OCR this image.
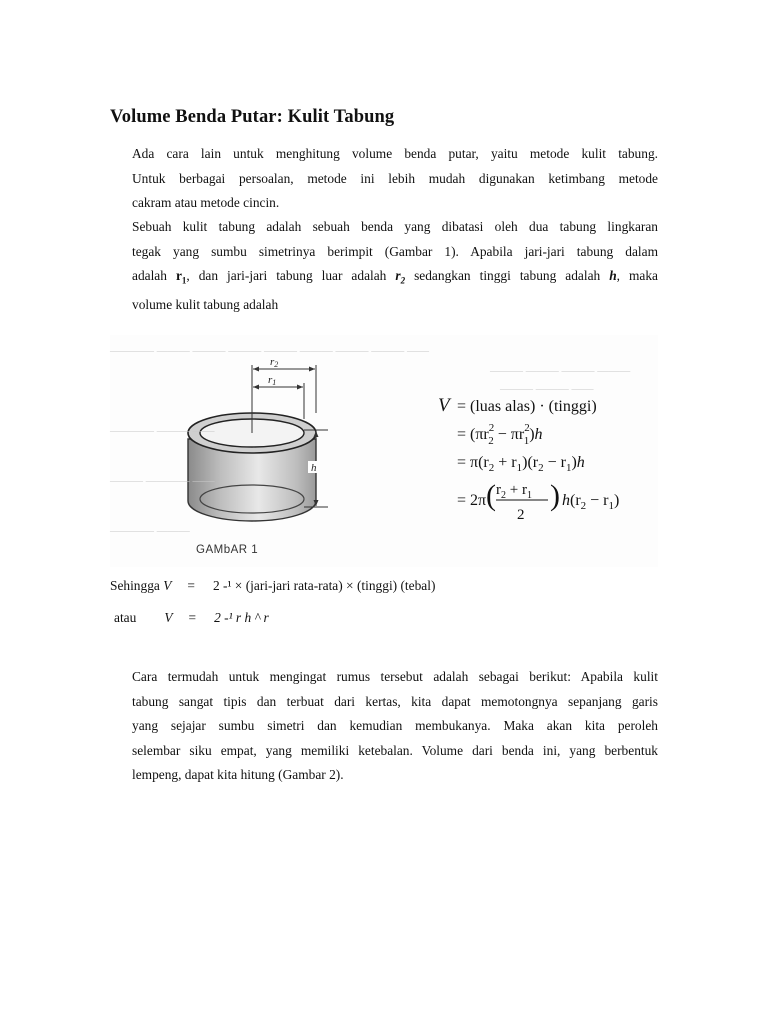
Volume Benda Putar: Kulit Tabung
Ada cara lain untuk menghitung volume benda putar, yaitu metode kulit tabung.
Untuk berbagai persoalan, metode ini lebih mudah digunakan ketimbang metode
cakram atau metode cincin.
Sebuah kulit tabung adalah sebuah benda yang dibatasi oleh dua tabung lingkaran
tegak yang sumbu simetrinya berimpit (Gambar 1). Apabila jari-jari tabung dalam
adalah $r_1$, dan jari-jari tabung luar adalah $r_2$ sedangkan tinggi tabung adalah h, maka
volume kulit tabung adalah
———— ——— ——— ——— ——— ——— ——— ——— ——
——— ——— ——— ———
——— ——— ——
———— ——— ——
——— ———— ——
———— ———
r2
r1
h
GAMbAR 1
V = (luas alas) · (tinggi)
= ($\pi r^2$ $2 - \pi r^2$ 1)h
= $\pi(r_2 + r_1)(r_2 - r_1)h$
= 2π ( $r_2 + r_1$
2
) $h(r_2 - r_1)$
Sehingga V = 2 -¹ × (jari-jari rata-rata) × (tinggi) (tebal)
atau V = 2 -¹ r h ^ r
Cara termudah untuk mengingat rumus tersebut adalah sebagai berikut: Apabila kulit
tabung sangat tipis dan terbuat dari kertas, kita dapat memotongnya sepanjang garis
yang sejajar sumbu simetri dan kemudian membukanya. Maka akan kita peroleh
selembar siku empat, yang memiliki ketebalan. Volume dari benda ini, yang berbentuk
lempeng, dapat kita hitung (Gambar 2).
